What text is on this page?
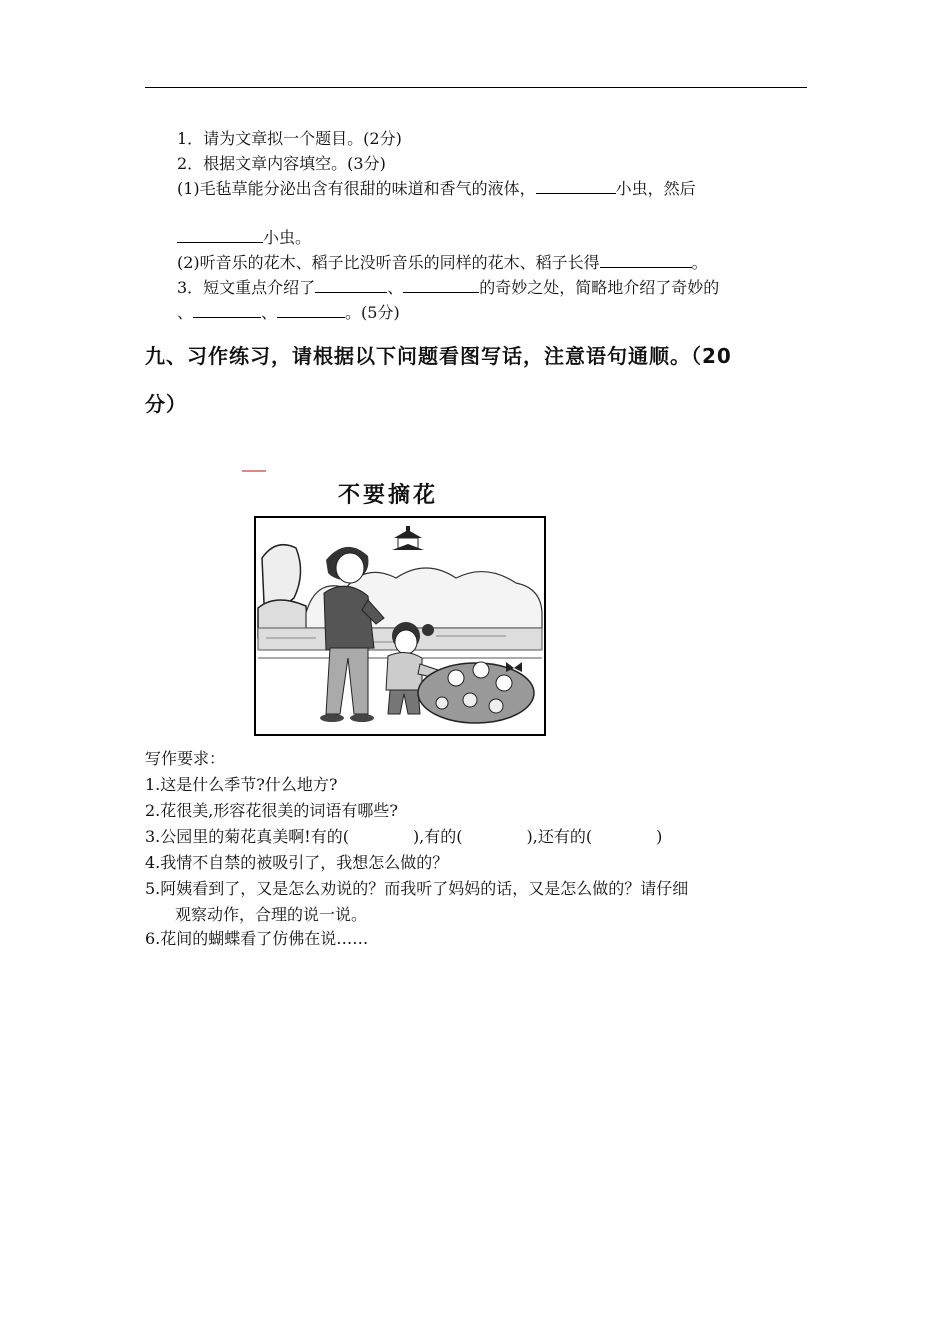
1．请为文章拟一个题目。(2分)
2．根据文章内容填空。(3分)
(1)毛毡草能分泌出含有很甜的味道和香气的液体，	小虫，然后
小虫。
(2)听音乐的花木、稻子比没听音乐的同样的花木、稻子长得	。
3．短文重点介绍了	、	的奇妙之处，简略地介绍了奇妙的
、	、	。(5分)
九、习作练习，请根据以下问题看图写话，注意语句通顺。（20
分）
不要摘花
写作要求：
1.这是什么季节?什么地方?
2.花很美,形容花很美的词语有哪些?
3.公园里的菊花真美啊!有的(　　　　),有的(　　　　),还有的(　　　　)
4.我情不自禁的被吸引了，我想怎么做的？
5.阿姨看到了，又是怎么劝说的？而我听了妈妈的话，又是怎么做的？请仔细
观察动作，合理的说一说。
6.花间的蝴蝶看了仿佛在说……
